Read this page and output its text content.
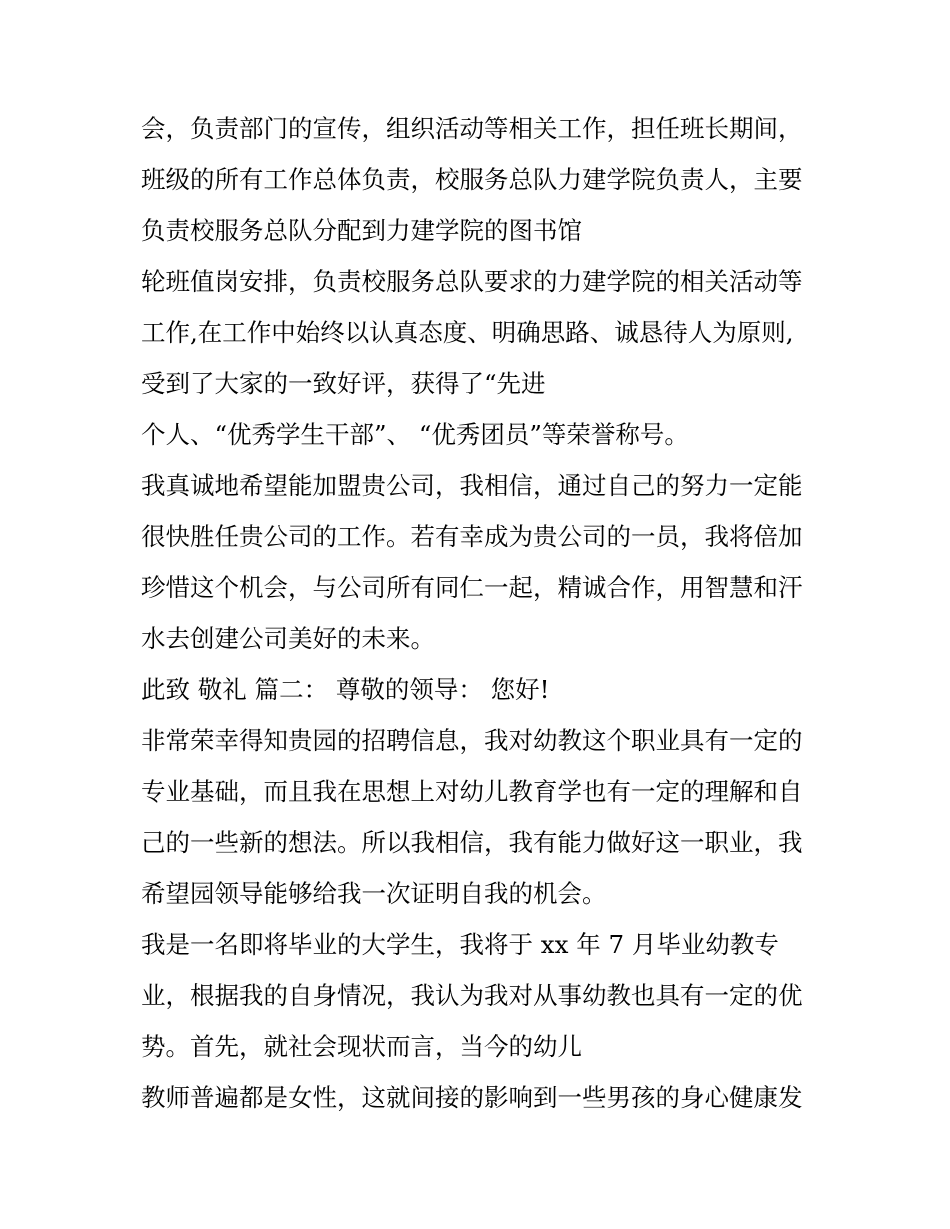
会，负责部门的宣传，组织活动等相关工作，担任班长期间，
班级的所有工作总体负责，校服务总队力建学院负责人，主要
负责校服务总队分配到力建学院的图书馆
轮班值岗安排，负责校服务总队要求的力建学院的相关活动等
工作,在工作中始终以认真态度、明确思路、诚恳待人为原则,
受到了大家的一致好评，获得了“先进
个人、“优秀学生干部”、 “优秀团员”等荣誉称号。
我真诚地希望能加盟贵公司，我相信，通过自己的努力一定能
很快胜任贵公司的工作。若有幸成为贵公司的一员，我将倍加
珍惜这个机会，与公司所有同仁一起，精诚合作，用智慧和汗
水去创建公司美好的未来。
此致 敬礼 篇二： 尊敬的领导： 您好!
非常荣幸得知贵园的招聘信息，我对幼教这个职业具有一定的
专业基础，而且我在思想上对幼儿教育学也有一定的理解和自
己的一些新的想法。所以我相信，我有能力做好这一职业，我
希望园领导能够给我一次证明自我的机会。
我是一名即将毕业的大学生，我将于 xx 年 7 月毕业幼教专
业，根据我的自身情况，我认为我对从事幼教也具有一定的优
势。首先，就社会现状而言，当今的幼儿
教师普遍都是女性，这就间接的影响到一些男孩的身心健康发
